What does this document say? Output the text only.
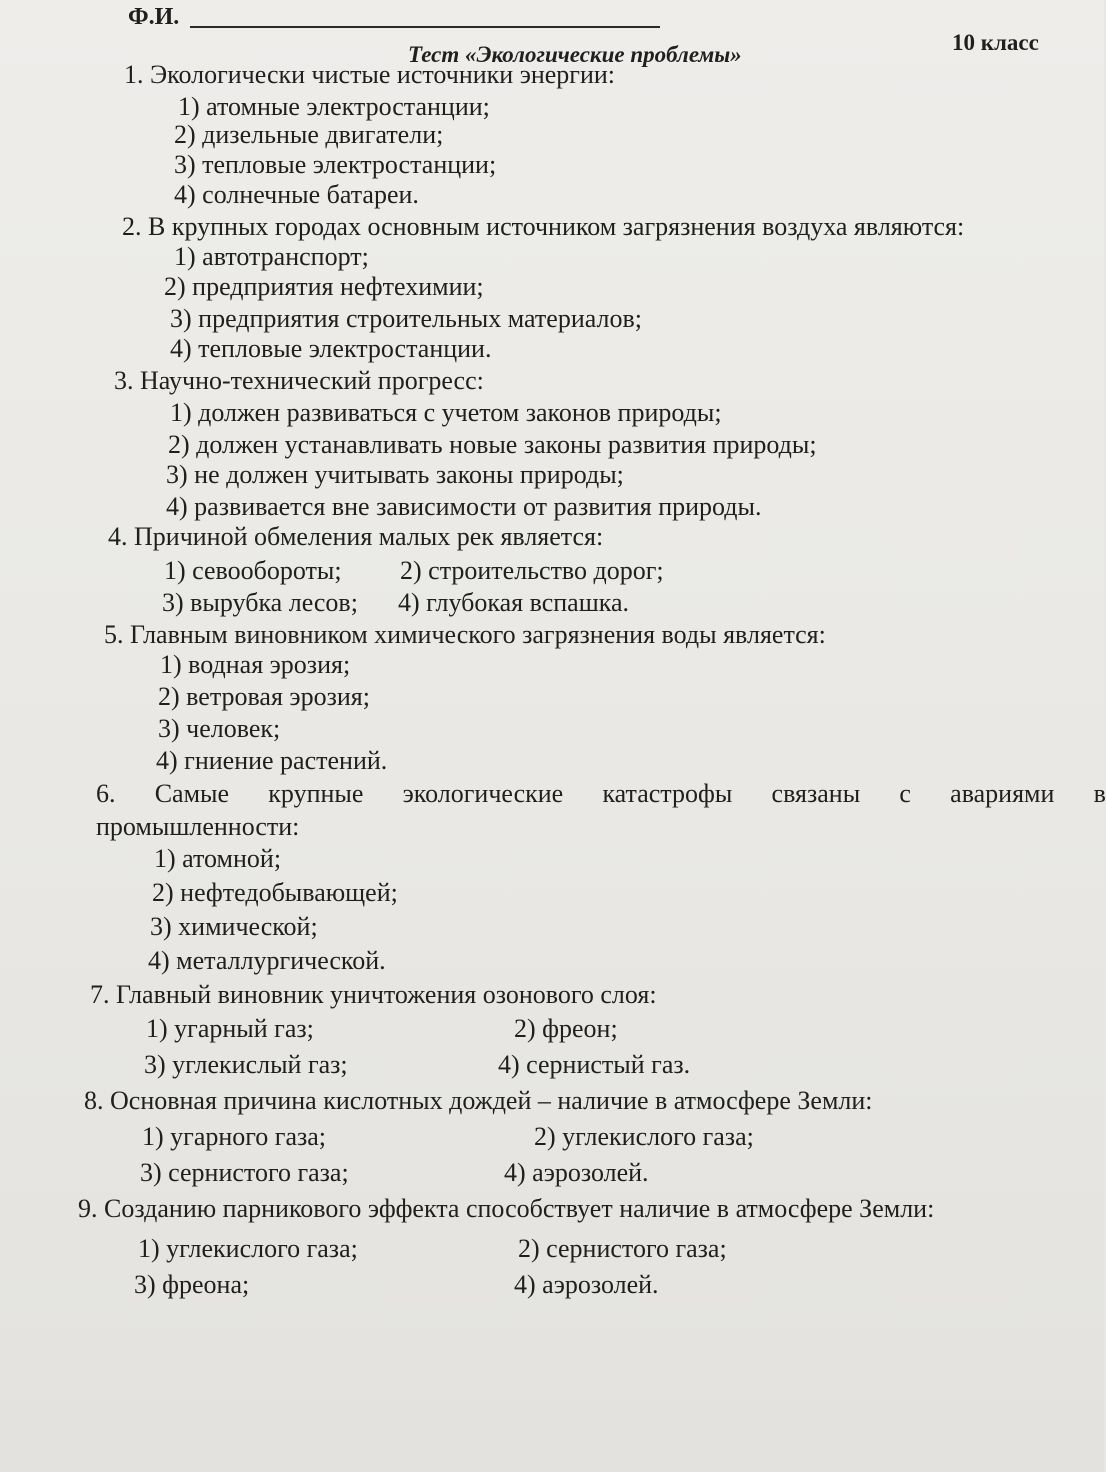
Ф.И.
10 класс
Тест «Экологические проблемы»
1. Экологически чистые источники энергии:
1) атомные электростанции;
2) дизельные двигатели;
3) тепловые электростанции;
4) солнечные батареи.
2. В крупных городах основным источником загрязнения воздуха являются:
1) автотранспорт;
2) предприятия нефтехимии;
3) предприятия строительных материалов;
4) тепловые электростанции.
3. Научно-технический прогресс:
1) должен развиваться с учетом законов природы;
2) должен устанавливать новые законы развития природы;
3) не должен учитывать законы природы;
4) развивается вне зависимости от развития природы.
4. Причиной обмеления малых рек является:
1) севообороты; 2) строительство дорог;
3) вырубка лесов; 4) глубокая вспашка.
5. Главным виновником химического загрязнения воды является:
1) водная эрозия;
2) ветровая эрозия;
3) человек;
4) гниение растений.
6. Самые крупные экологические катастрофы связаны с авариями в
промышленности:
1) атомной;
2) нефтедобывающей;
3) химической;
4) металлургической.
7. Главный виновник уничтожения озонового слоя:
1) угарный газ;	2) фреон;
3) углекислый газ;	4) сернистый газ.
8. Основная причина кислотных дождей – наличие в атмосфере Земли:
1) угарного газа;	2) углекислого газа;
3) сернистого газа;	4) аэрозолей.
9. Созданию парникового эффекта способствует наличие в атмосфере Земли:
1) углекислого газа;	2) сернистого газа;
3) фреона;	4) аэрозолей.
